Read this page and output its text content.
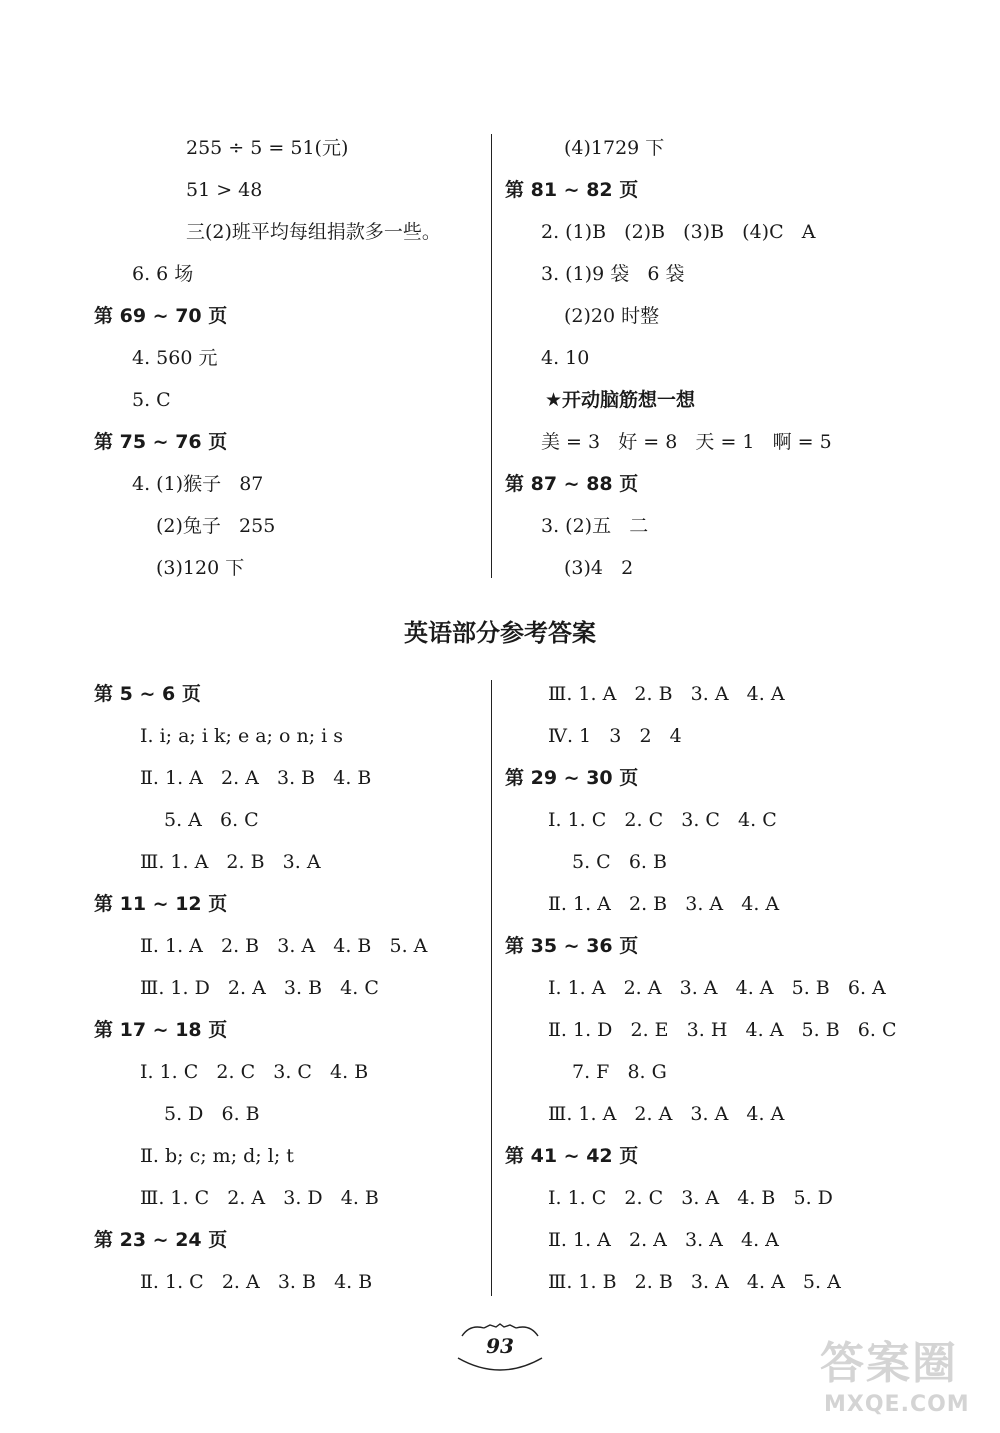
255 ÷ 5 = 51(元)
51 > 48
三(2)班平均每组捐款多一些。
6. 6 场
第 69 ~ 70 页
4. 560 元
5. C
第 75 ~ 76 页
4. (1)猴子   87
(2)兔子   255
(3)120 下
(4)1729 下
第 81 ~ 82 页
2. (1)B   (2)B   (3)B   (4)C   A
3. (1)9 袋   6 袋
(2)20 时整
4. 10
★开动脑筋想一想
美 = 3   好 = 8   天 = 1   啊 = 5
第 87 ~ 88 页
3. (2)五   二
(3)4   2
英语部分参考答案
第 5 ~ 6 页
Ⅰ. i; a; i k; e a; o n; i s
Ⅱ. 1. A   2. A   3. B   4. B
5. A   6. C
Ⅲ. 1. A   2. B   3. A
第 11 ~ 12 页
Ⅱ. 1. A   2. B   3. A   4. B   5. A
Ⅲ. 1. D   2. A   3. B   4. C
第 17 ~ 18 页
Ⅰ. 1. C   2. C   3. C   4. B
5. D   6. B
Ⅱ. b; c; m; d; l; t
Ⅲ. 1. C   2. A   3. D   4. B
第 23 ~ 24 页
Ⅱ. 1. C   2. A   3. B   4. B
Ⅲ. 1. A   2. B   3. A   4. A
Ⅳ. 1   3   2   4
第 29 ~ 30 页
Ⅰ. 1. C   2. C   3. C   4. C
5. C   6. B
Ⅱ. 1. A   2. B   3. A   4. A
第 35 ~ 36 页
Ⅰ. 1. A   2. A   3. A   4. A   5. B   6. A
Ⅱ. 1. D   2. E   3. H   4. A   5. B   6. C
7. F   8. G
Ⅲ. 1. A   2. A   3. A   4. A
第 41 ~ 42 页
Ⅰ. 1. C   2. C   3. A   4. B   5. D
Ⅱ. 1. A   2. A   3. A   4. A
Ⅲ. 1. B   2. B   3. A   4. A   5. A
93	答案圈
MXQE.COM
